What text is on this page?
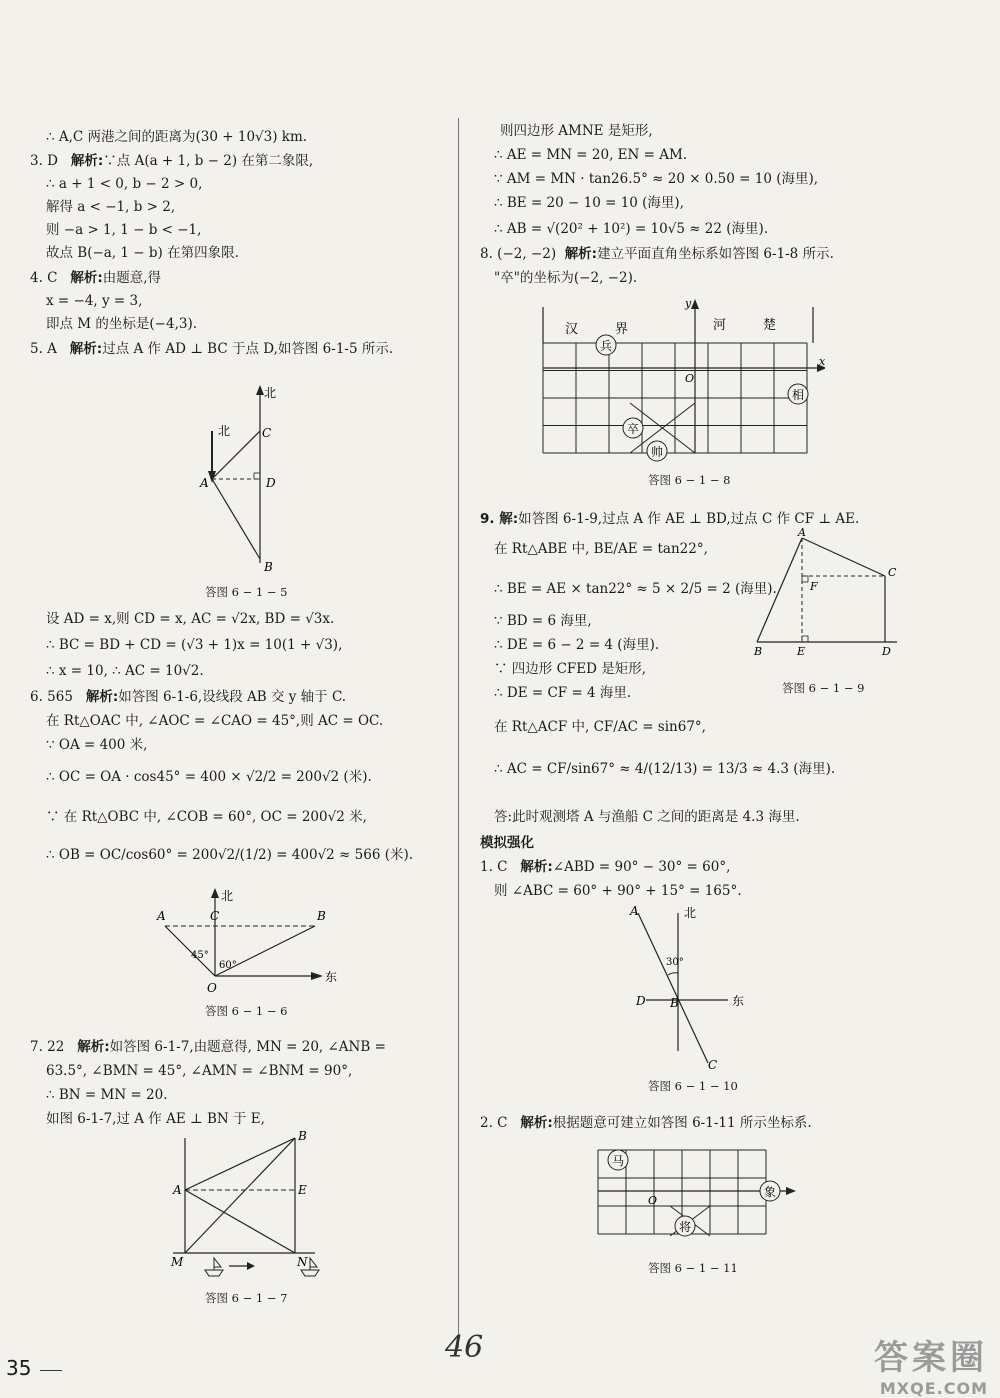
∴ A,C 两港之间的距离为(30 + 10√3) km.
3. D 解析:∵点 A(a + 1, b − 2) 在第二象限,
∴ a + 1 < 0, b − 2 > 0,
解得 a < −1, b > 2,
则 −a > 1, 1 − b < −1,
故点 B(−a, 1 − b) 在第四象限.
4. C 解析:由题意,得
x = −4, y = 3,
即点 M 的坐标是(−4,3).
5. A 解析:过点 A 作 AD ⊥ BC 于点 D,如答图 6-1-5 所示.
北
北	C
A	D
B
答图 6 − 1 − 5
设 AD = x,则 CD = x, AC = √2x, BD = √3x.
∴ BC = BD + CD = (√3 + 1)x = 10(1 + √3),
∴ x = 10, ∴ AC = 10√2.
6. 565 解析:如答图 6-1-6,设线段 AB 交 y 轴于 C.
在 Rt△OAC 中, ∠AOC = ∠CAO = 45°,则 AC = OC.
∵ OA = 400 米,
∴ OC = OA · cos45° = 400 × √2/2 = 200√2 (米).
∵ 在 Rt△OBC 中, ∠COB = 60°, OC = 200√2 米,
∴ OB = OC/cos60° = 200√2/(1/2) = 400√2 ≈ 566 (米).
北
东
A	B
C
O
45°
60°
答图 6 − 1 − 6
7. 22 解析:如答图 6-1-7,由题意得, MN = 20, ∠ANB =
63.5°, ∠BMN = 45°, ∠AMN = ∠BNM = 90°,
∴ BN = MN = 20.
如图 6-1-7,过 A 作 AE ⊥ BN 于 E,
A
B
E
M	N
答图 6 − 1 − 7
则四边形 AMNE 是矩形,
∴ AE = MN = 20, EN = AM.
∵ AM = MN · tan26.5° ≈ 20 × 0.50 = 10 (海里),
∴ BE = 20 − 10 = 10 (海里),
∴ AB = √(20² + 10²) = 10√5 ≈ 22 (海里).
8. (−2, −2) 解析:建立平面直角坐标系如答图 6-1-8 所示.
"卒"的坐标为(−2, −2).
汉	界	河	楚
y
x
O
兵
相
卒
帅
答图 6 − 1 − 8
9. 解:如答图 6-1-9,过点 A 作 AE ⊥ BD,过点 C 作 CF ⊥ AE.
在 Rt△ABE 中, BE/AE = tan22°,
∴ BE = AE × tan22° ≈ 5 × 2/5 = 2 (海里).
∵ BD = 6 海里,
∴ DE = 6 − 2 = 4 (海里).
∵ 四边形 CFED 是矩形,
∴ DE = CF = 4 海里.
在 Rt△ACF 中, CF/AC = sin67°,
∴ AC = CF/sin67° ≈ 4/(12/13) = 13/3 ≈ 4.3 (海里).
答:此时观测塔 A 与渔船 C 之间的距离是 4.3 海里.
A
C
F
B	E	D
答图 6 − 1 − 9
模拟强化
1. C 解析:∠ABD = 90° − 30° = 60°,
则 ∠ABC = 60° + 90° + 15° = 165°.
北
东
A
30°
D B
C
答图 6 − 1 − 10
2. C 解析:根据题意可建立如答图 6-1-11 所示坐标系.
O
马
象
将
答图 6 − 1 − 11
35
46	答案圈
MXQE.COM
